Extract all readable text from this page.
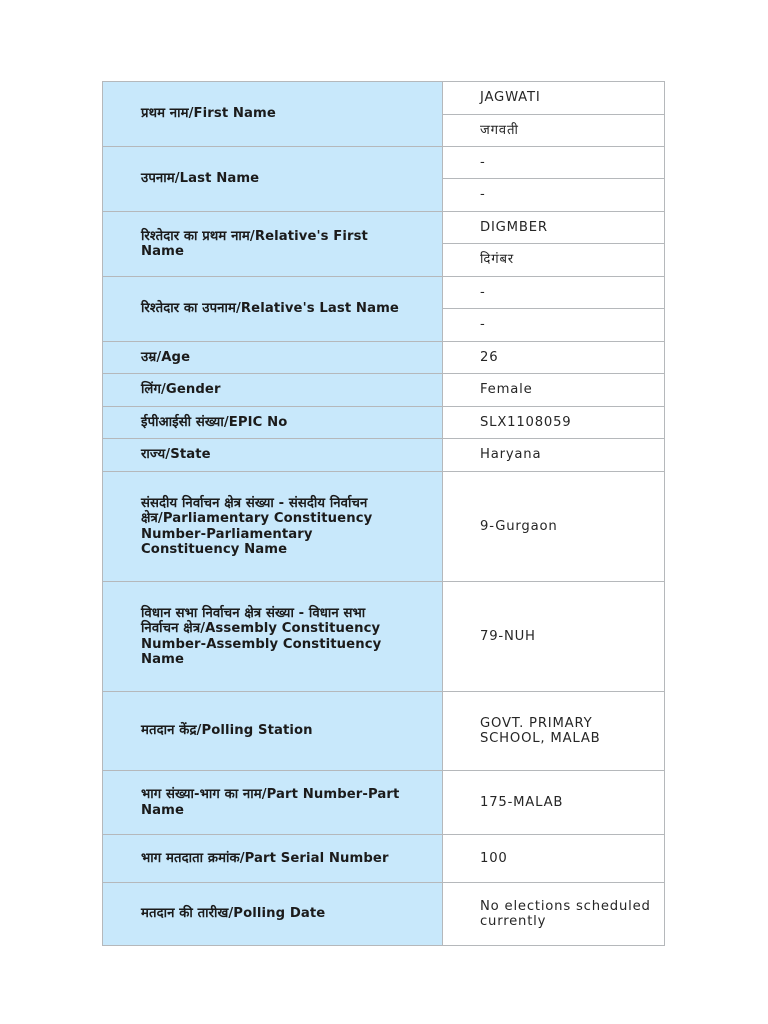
प्रथम नाम/First Name	JAGWATI

	जगवती

उपनाम/Last Name	-

	-

रिश्तेदार का प्रथम नाम/Relative's First Name	DIGMBER

	दिगंबर

रिश्तेदार का उपनाम/Relative's Last Name	-

	-

उम्र/Age	26

लिंग/Gender	Female

ईपीआईसी संख्या/EPIC No	SLX1108059

राज्य/State	Haryana

संसदीय निर्वाचन क्षेत्र संख्या - संसदीय निर्वाचन क्षेत्र/Parliamentary Constituency Number-Parliamentary Constituency Name	9-Gurgaon

विधान सभा निर्वाचन क्षेत्र संख्या - विधान सभा निर्वाचन क्षेत्र/Assembly Constituency Number-Assembly Constituency Name	79-NUH

मतदान केंद्र/Polling Station	GOVT. PRIMARY SCHOOL, MALAB

भाग संख्या-भाग का नाम/Part Number-Part Name	175-MALAB

भाग मतदाता क्रमांक/Part Serial Number	100

मतदान की तारीख/Polling Date	No elections scheduled currently
